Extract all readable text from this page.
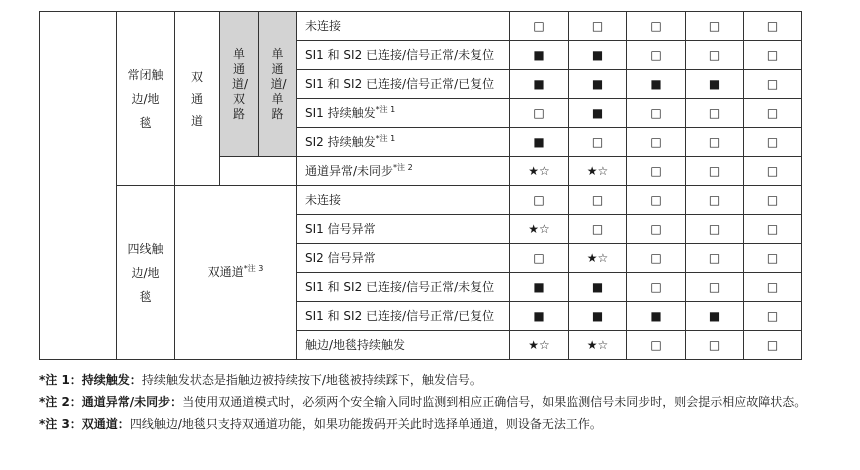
	常闭触边/地毯	双通道	单通道/双路	单通道/单路	未连接	□	□	□	□	□
					SI1 和 SI2 已连接/信号正常/未复位	■	■	□	□	□
					SI1 和 SI2 已连接/信号正常/已复位	■	■	■	■	□
					SI1 持续触发$^{*注 1}$	□	■	□	□	□
					SI2 持续触发$^{*注 1}$	■	□	□	□	□
					通道异常/未同步$^{*注 2}$	★☆	★☆	□	□	□
	四线触边/地毯	双通道$^{*注 3}$			未连接	□	□	□	□	□
					SI1 信号异常	★☆	□	□	□	□
					SI2 信号异常	□	★☆	□	□	□
					SI1 和 SI2 已连接/信号正常/未复位	■	■	□	□	□
					SI1 和 SI2 已连接/信号正常/已复位	■	■	■	■	□
					触边/地毯持续触发	★☆	★☆	□	□	□

*注 1：持续触发：持续触发状态是指触边被持续按下/地毯被持续踩下，触发信号。

*注 2：通道异常/未同步：当使用双通道模式时，必须两个安全输入同时监测到相应正确信号，如果监测信号未同步时，则会提示相应故障状态。

*注 3：双通道：四线触边/地毯只支持双通道功能，如果功能拨码开关此时选择单通道，则设备无法工作。
